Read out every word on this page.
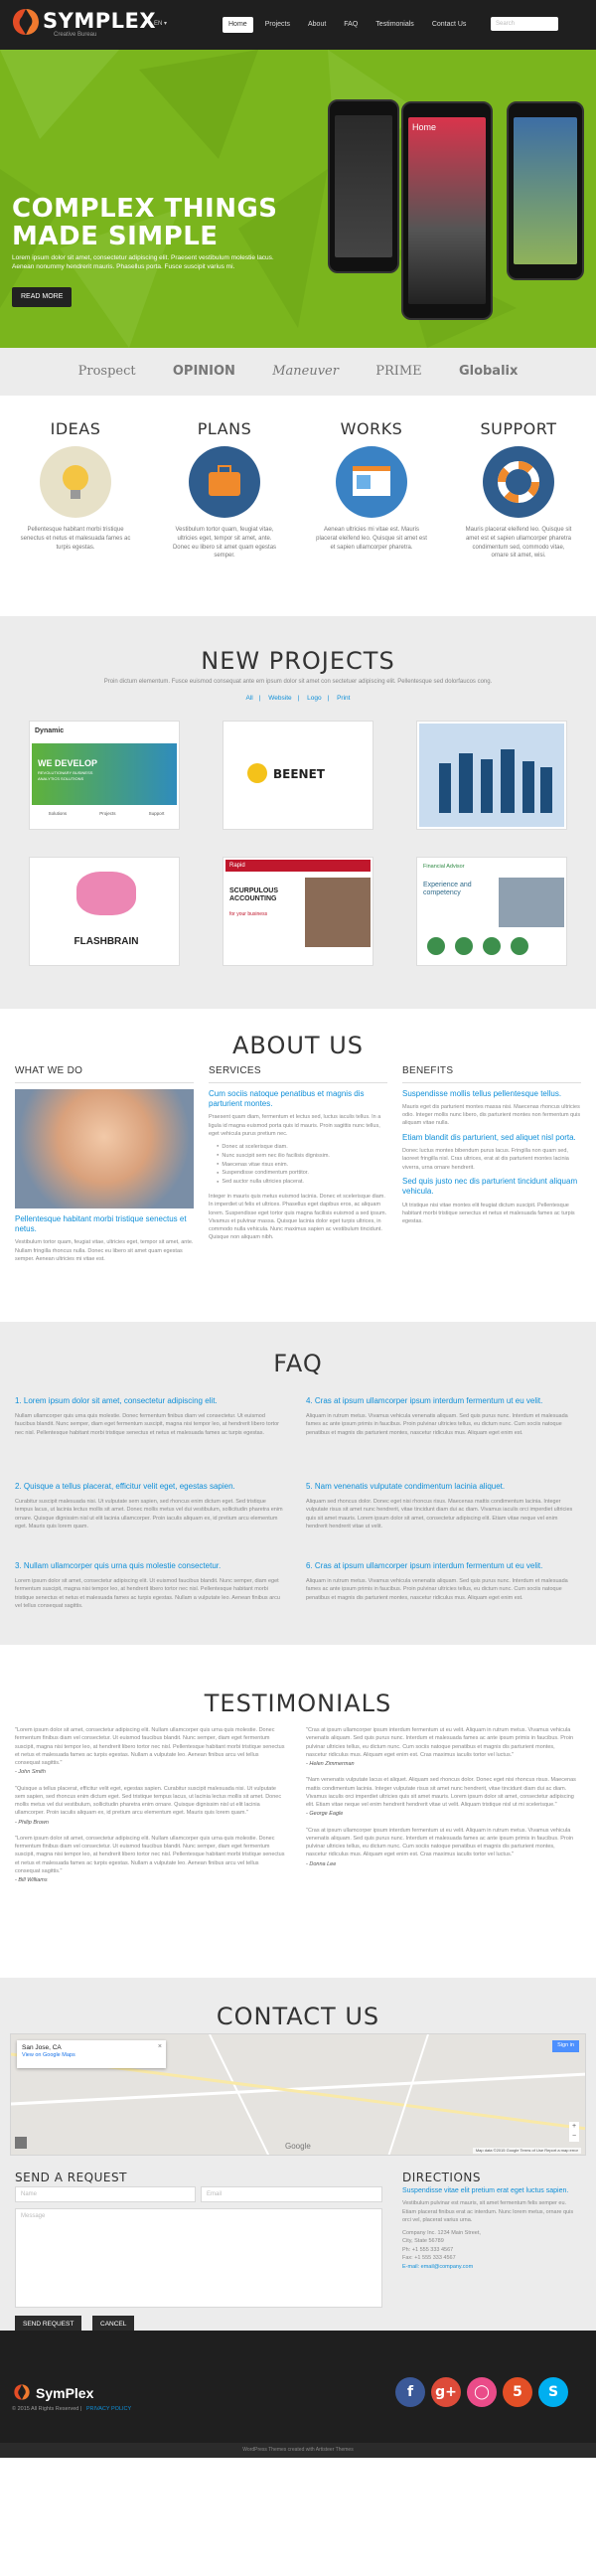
SYMPLEX
Creative Bureau
EN ▾	Home	Projects	About	FAQ	Testimonials	Contact Us	Search
Home
COMPLEX THINGS
MADE SIMPLE

Lorem ipsum dolor sit amet, consectetur adipiscing elit. Praesent vestibulum molestie lacus. Aenean nonummy hendrerit mauris. Phasellus porta. Fusce suscipit varius mi.

READ MORE
Prospect	OPINION	Maneuver	PRIME	Globalix
IDEAS

Pellentesque habitant morbi tristique senectus et netus et malesuada fames ac turpis egestas.

PLANS

Vestibulum tortor quam, feugiat vitae, ultricies eget, tempor sit amet, ante. Donec eu libero sit amet quam egestas semper.

WORKS

Aenean ultricies mi vitae est. Mauris placerat eleifend leo. Quisque sit amet est et sapien ullamcorper pharetra.

SUPPORT

Mauris placerat eleifend leo. Quisque sit amet est et sapien ullamcorper pharetra condimentum sed, commodo vitae, ornare sit amet, wisi.

NEW PROJECTS
Proin dictum elementum. Fusce euismod consequat ante em ipsum dolor sit amet con sectetuer adipiscing elit. Pellentesque sed dolorfaucos cong.
All | Website | Logo | Print
Dynamic
WE DEVELOP
REVOLUTIONARY BUSINESS ANALYTICS SOLUTIONS
Solutions	Projects	Support
BEENET
FLASHBRAIN
Rapid
SCURPULOUS ACCOUNTING
for your business
Financial Advisor
Experience and competency
ABOUT US
WHAT WE DO
Pellentesque habitant morbi tristique senectus et netus.

Vestibulum tortor quam, feugiat vitae, ultricies eget, tempor sit amet, ante. Nullam fringilla rhoncus nulla. Donec eu libero sit amet quam egestas semper. Aenean ultricies mi vitae est.

SERVICES
Cum sociis natoque penatibus et magnis dis parturient montes.

Praesent quam diam, fermentum et lectus sed, luctus iaculis tellus. In a ligula id magna euismod porta quis id mauris. Proin sagittis nunc tellus, eget vehicula purus pretium nec.

● Donec at scelerisque diam.
● Nunc suscipit sem nec ilio facilisis dignissim.
● Maecenas vitae risus enim.
● Suspendisse condimentum porttitor.
● Sed auctor nulla ultricies placerat.

Integer in mauris quis metus euismod lacinia. Donec et scelerisque diam. In imperdiet ut felis et ultrices. Phasellus eget dapibus eros, ac aliquam lorem. Suspendisse eget tortor quis magna facilisis euismod a sed ipsum. Vivamus et pulvinar massa. Quisque lacinia dolor eget turpis ultrices, in commodo nulla vehicula. Nunc maximus sapien ac vestibulum tincidunt. Quisque non aliquam nibh.

BENEFITS
Suspendisse mollis tellus pellentesque tellus.

Mauris eget dis parturient montes massa nisi. Maecenas rhoncus ultricies odio. Integer mollis nunc libero, dis parturient montes non fermentum quis aliquam vitae nulla.

Etiam blandit dis parturient, sed aliquet nisl porta.

Donec luctus montes bibendum purus lacus. Fringilla non quam sed, laoreet fringilla nisl. Cras ultrices, erat at dis parturient montes lacinia viverra, urna ornare hendrerit.

Sed quis justo nec dis parturient tincidunt aliquam vehicula.

Ut tristique nisi vitae montes elit feugiat dictum suscipit. Pellentesque habitant morbi tristique senectus et netus et malesuada fames ac turpis egestas.

FAQ
1. Lorem ipsum dolor sit amet, consectetur adipiscing elit.
Nullam ullamcorper quis urna quis molestie. Donec fermentum finibus diam vel consectetur. Ut euismod faucibus blandit. Nunc semper, diam eget fermentum suscipit, magna nisi tempor leo, at hendrerit libero tortor nec nisl. Pellentesque habitant morbi tristique senectus et netus et malesuada fames ac turpis egestas.
4. Cras at ipsum ullamcorper ipsum interdum fermentum ut eu velit.
Aliquam in rutrum metus. Vivamus vehicula venenatis aliquam. Sed quis purus nunc. Interdum et malesuada fames ac ante ipsum primis in faucibus. Proin pulvinar ultricies tellus, eu dictum nunc. Cum sociis natoque penatibus et magnis dis parturient montes, nascetur ridiculus mus. Aliquam eget enim est.
2. Quisque a tellus placerat, efficitur velit eget, egestas sapien.
Curabitur suscipit malesuada nisi. Ut vulputate sem sapien, sed rhoncus enim dictum eget. Sed tristique tempus lacus, ut lacinia lectus mollis sit amet. Donec mollis metus vel dui vestibulum, sollicitudin pharetra enim ornare. Quisque dignissim nisl ut elit lacinia ullamcorper. Proin iaculis aliquam ex, id pretium arcu elementum eget. Mauris quis lorem quam.
5. Nam venenatis vulputate condimentum lacinia aliquet.
Aliquam sed rhoncus dolor. Donec eget nisi rhoncus risus. Maecenas mattis condimentum lacinia. Integer vulputate risus sit amet nunc hendrerit, vitae tincidunt diam dui ac diam. Vivamus iaculis orci imperdiet ultricies quis sit amet mauris. Lorem ipsum dolor sit amet, consectetur adipiscing elit. Etiam vitae neque vel enim hendrerit hendrerit vitae ut velit.
3. Nullam ullamcorper quis urna quis molestie consectetur.
Lorem ipsum dolor sit amet, consectetur adipiscing elit. Ut euismod faucibus blandit. Nunc semper, diam eget fermentum suscipit, magna nisi tempor leo, at hendrerit libero tortor nec nisl. Pellentesque habitant morbi tristique senectus et netus et malesuada fames ac turpis egestas. Nullam a vulputate leo. Aenean finibus arcu vel tellus consequat sagittis.
6. Cras at ipsum ullamcorper ipsum interdum fermentum ut eu velit.
Aliquam in rutrum metus. Vivamus vehicula venenatis aliquam. Sed quis purus nunc. Interdum et malesuada fames ac ante ipsum primis in faucibus. Proin pulvinar ultricies tellus, eu dictum nunc. Cum sociis natoque penatibus et magnis dis parturient montes, nascetur ridiculus mus. Aliquam eget enim est.
TESTIMONIALS
"Lorem ipsum dolor sit amet, consectetur adipiscing elit. Nullam ullamcorper quis urna quis molestie. Donec fermentum finibus diam vel consectetur. Ut euismod faucibus blandit. Nunc semper, diam eget fermentum suscipit, magna nisi tempor leo, at hendrerit libero tortor nec nisl. Pellentesque habitant morbi tristique senectus et netus et malesuada fames ac turpis egestas. Nullam a vulputate leo. Aenean finibus arcu vel tellus consequat sagittis."
- John Smith
"Quisque a tellus placerat, efficitur velit eget, egestas sapien. Curabitur suscipit malesuada nisi. Ut vulputate sem sapien, sed rhoncus enim dictum eget. Sed tristique tempus lacus, ut lacinia lectus mollis sit amet. Donec mollis metus vel dui vestibulum, sollicitudin pharetra enim ornare. Quisque dignissim nisl ut elit lacinia ullamcorper. Proin iaculis aliquam ex, id pretium arcu elementum eget. Mauris quis lorem quam."
- Philip Brown
"Lorem ipsum dolor sit amet, consectetur adipiscing elit. Nullam ullamcorper quis urna quis molestie. Donec fermentum finibus diam vel consectetur. Ut euismod faucibus blandit. Nunc semper, diam eget fermentum suscipit, magna nisi tempor leo, at hendrerit libero tortor nec nisl. Pellentesque habitant morbi tristique senectus et netus et malesuada fames ac turpis egestas. Nullam a vulputate leo. Aenean finibus arcu vel tellus consequat sagittis."
- Bill Williams
"Cras at ipsum ullamcorper ipsum interdum fermentum ut eu velit. Aliquam in rutrum metus. Vivamus vehicula venenatis aliquam. Sed quis purus nunc. Interdum et malesuada fames ac ante ipsum primis in faucibus. Proin pulvinar ultricies tellus, eu dictum nunc. Cum sociis natoque penatibus et magnis dis parturient montes, nascetur ridiculus mus. Aliquam eget enim est. Cras maximus iaculis tortor vel luctus."
- Helen Zimmerman
"Nam venenatis vulputate lacus et aliquet. Aliquam sed rhoncus dolor. Donec eget nisi rhoncus risus. Maecenas mattis condimentum lacinia. Integer vulputate risus sit amet nunc hendrerit, vitae tincidunt diam dui ac diam. Vivamus iaculis orci imperdiet ultricies quis sit amet mauris. Lorem ipsum dolor sit amet, consectetur adipiscing elit. Etiam vitae neque vel enim hendrerit hendrerit vitae ut velit. Aliquam tristique nisl ut mi scelerisque."
- George Eagle
"Cras at ipsum ullamcorper ipsum interdum fermentum ut eu velit. Aliquam in rutrum metus. Vivamus vehicula venenatis aliquam. Sed quis purus nunc. Interdum et malesuada fames ac ante ipsum primis in faucibus. Proin pulvinar ultricies tellus, eu dictum nunc. Cum sociis natoque penatibus et magnis dis parturient montes, nascetur ridiculus mus. Aliquam eget enim est. Cras maximus iaculis tortor vel luctus."
- Donna Lee
CONTACT US
San Jose, CA
View on Google Maps
×	Sign in
+
−
Google	Map data ©2015 Google Terms of Use Report a map error
SEND A REQUEST
Name	Email
Message
SEND REQUEST	CANCEL
DIRECTIONS
Suspendisse vitae elit pretium erat eget luctus sapien.

Vestibulum pulvinar est mauris, sit amet fermentum felis semper eu. Etiam placerat finibus erat ac interdum. Nunc lorem metus, ornare quis orci vel, placerat varius urna.

Company Inc. 1234 Main Street,
City, State 56789
Ph: +1 555 333 4567
Fax: +1 555 333 4567
E-mail: email@company.com

SymPlex
© 2015 All Rights Reserved | PRIVACY POLICY
f	g+	◯	5	S
WordPress Themes created with Artisteer Themes
